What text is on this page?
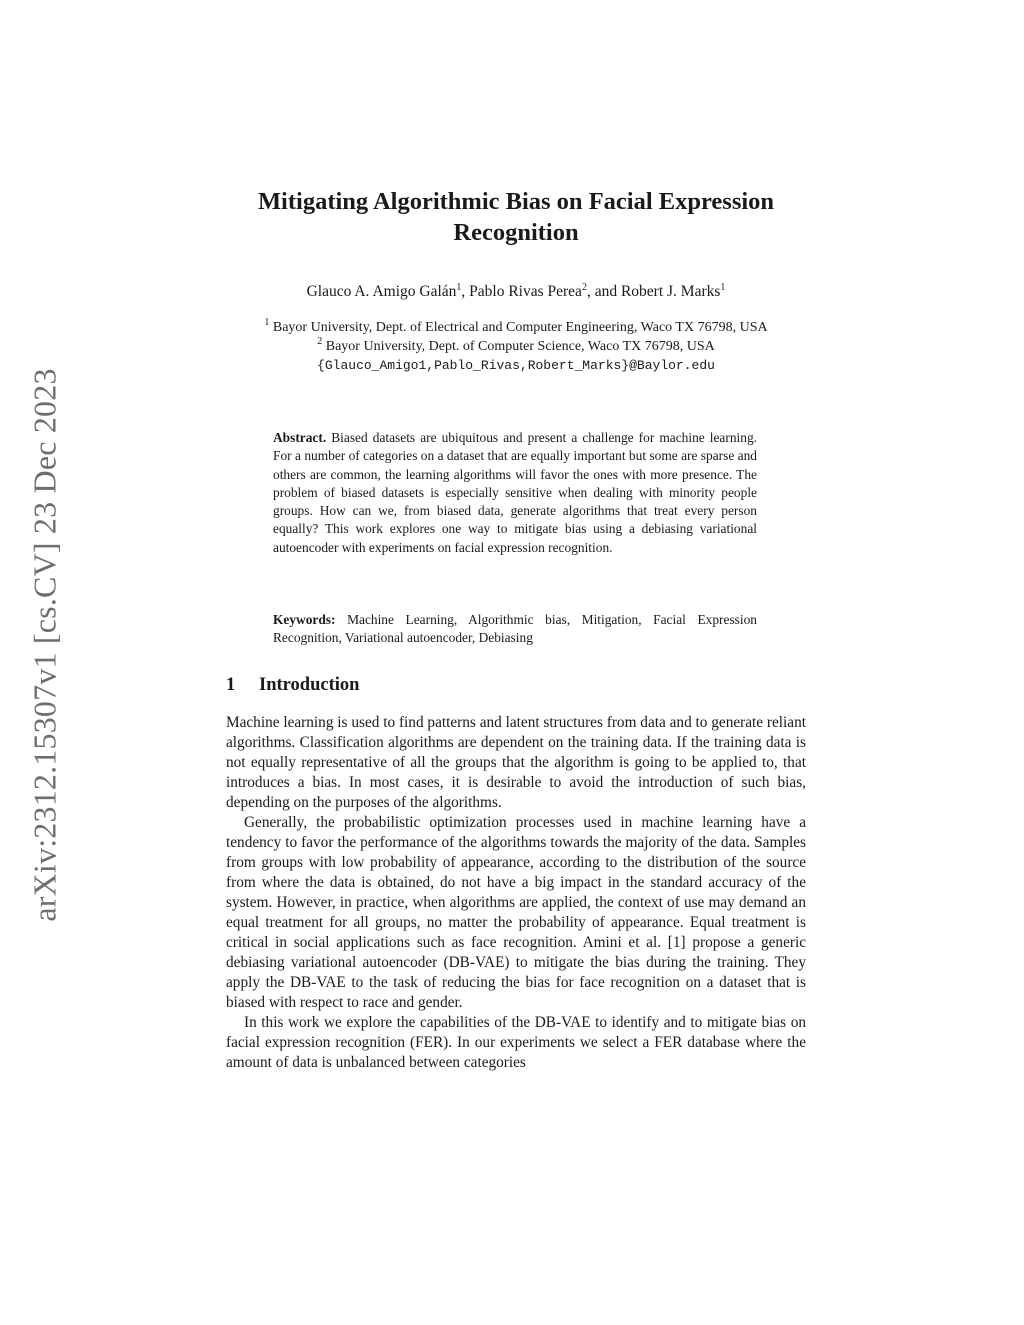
arXiv:2312.15307v1 [cs.CV] 23 Dec 2023
Mitigating Algorithmic Bias on Facial Expression Recognition
Glauco A. Amigo Galán$^1$, Pablo Rivas Perea$^2$, and Robert J. Marks$^1$
$^1$ Bayor University, Dept. of Electrical and Computer Engineering, Waco TX 76798, USA
$^2$ Bayor University, Dept. of Computer Science, Waco TX 76798, USA
{Glauco_Amigo1,Pablo_Rivas,Robert_Marks}@Baylor.edu

Abstract. Biased datasets are ubiquitous and present a challenge for machine learning. For a number of categories on a dataset that are equally important but some are sparse and others are common, the learning algorithms will favor the ones with more presence. The problem of biased datasets is especially sensitive when dealing with minority people groups. How can we, from biased data, generate algorithms that treat every person equally? This work explores one way to mitigate bias using a debiasing variational autoencoder with experiments on facial expression recognition.

Keywords: Machine Learning, Algorithmic bias, Mitigation, Facial Expression Recognition, Variational autoencoder, Debiasing

1 Introduction

Machine learning is used to find patterns and latent structures from data and to generate reliant algorithms. Classification algorithms are dependent on the training data. If the training data is not equally representative of all the groups that the algorithm is going to be applied to, that introduces a bias. In most cases, it is desirable to avoid the introduction of such bias, depending on the purposes of the algorithms.

Generally, the probabilistic optimization processes used in machine learning have a tendency to favor the performance of the algorithms towards the majority of the data. Samples from groups with low probability of appearance, according to the distribution of the source from where the data is obtained, do not have a big impact in the standard accuracy of the system. However, in practice, when algorithms are applied, the context of use may demand an equal treatment for all groups, no matter the probability of appearance. Equal treatment is critical in social applications such as face recognition. Amini et al. [1] propose a generic debiasing variational autoencoder (DB-VAE) to mitigate the bias during the training. They apply the DB-VAE to the task of reducing the bias for face recognition on a dataset that is biased with respect to race and gender.

In this work we explore the capabilities of the DB-VAE to identify and to mitigate bias on facial expression recognition (FER). In our experiments we select a FER database where the amount of data is unbalanced between categories
